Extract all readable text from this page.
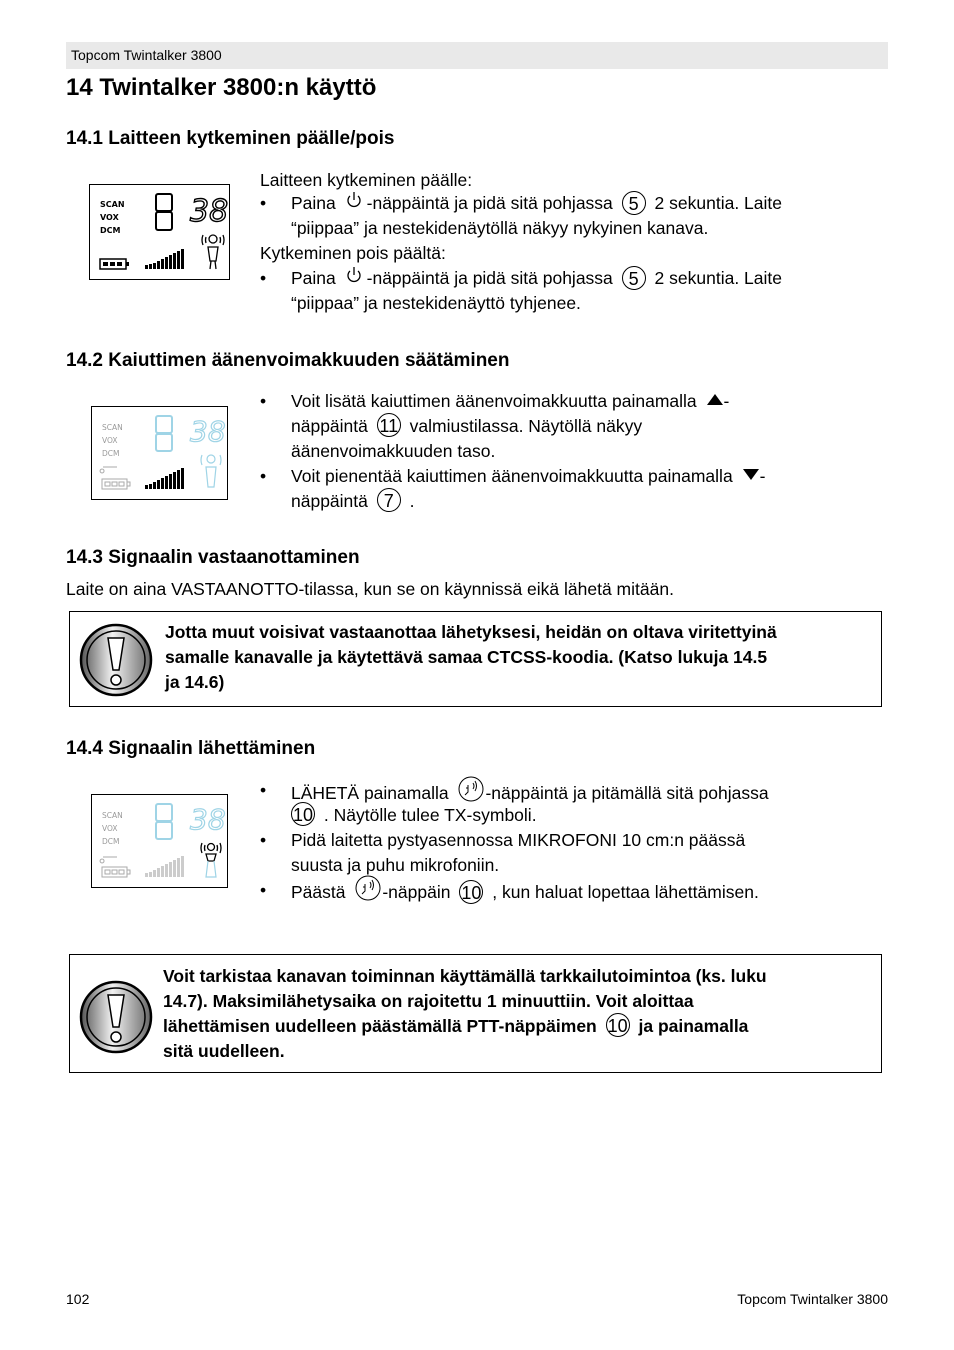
Topcom Twintalker 3800
14 Twintalker 3800:n käyttö
14.1 Laitteen kytkeminen päälle/pois
SCAN
VOX
DCM
38
Laitteen kytkeminen päälle:
• Paina -näppäintä ja pidä sitä pohjassa 5 2 sekuntia. Laite
“piippaa” ja nestekidenäytöllä näkyy nykyinen kanava.
Kytkeminen pois päältä:
• Paina -näppäintä ja pidä sitä pohjassa 5 2 sekuntia. Laite
“piippaa” ja nestekidenäyttö tyhjenee.
14.2 Kaiuttimen äänenvoimakkuuden säätäminen
SCAN
VOX
DCM
38
• Voit lisätä kaiuttimen äänenvoimakkuutta painamalla -
näppäintä 11 valmiustilassa. Näytöllä näkyy
äänenvoimakkuuden taso.
• Voit pienentää kaiuttimen äänenvoimakkuutta painamalla -
näppäintä 7 .
14.3 Signaalin vastaanottaminen
Laite on aina VASTAANOTTO-tilassa, kun se on käynnissä eikä lähetä mitään.
Jotta muut voisivat vastaanottaa lähetyksesi, heidän on oltava viritettyinä
samalle kanavalle ja käytettävä samaa CTCSS-koodia. (Katso lukuja 14.5
ja 14.6)
14.4 Signaalin lähettäminen
SCAN
VOX
DCM
38
• LÄHETÄ painamalla -näppäintä ja pitämällä sitä pohjassa
10 . Näytölle tulee TX-symboli.
• Pidä laitetta pystyasennossa MIKROFONI 10 cm:n päässä
suusta ja puhu mikrofoniin.
• Päästä -näppäin 10 , kun haluat lopettaa lähettämisen.
Voit tarkistaa kanavan toiminnan käyttämällä tarkkailutoimintoa (ks. luku
14.7). Maksimilähetysaika on rajoitettu 1 minuuttiin. Voit aloittaa
lähettämisen uudelleen päästämällä PTT-näppäimen 10 ja painamalla
sitä uudelleen.
102	Topcom Twintalker 3800
